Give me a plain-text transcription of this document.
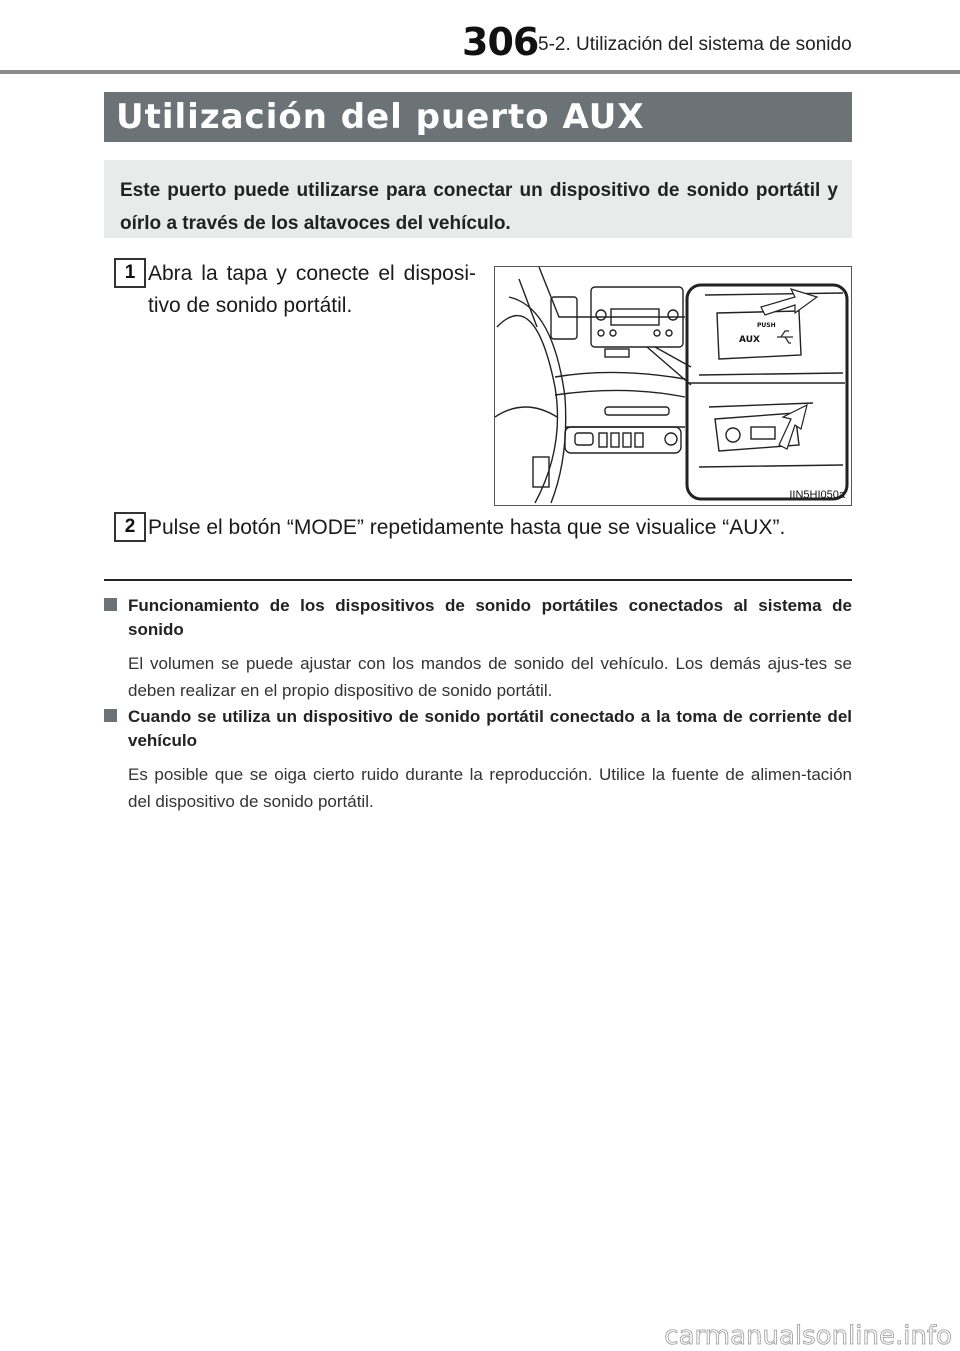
306 5-2. Utilización del sistema de sonido
Utilización del puerto AUX

Este puerto puede utilizarse para conectar un dispositivo de sonido portátil y oírlo a través de los altavoces del vehículo.

1 Abra la tapa y conecte el disposi-tivo de sonido portátil.
AUX
PUSH
IIN5HI050a
2 Pulse el botón “MODE” repetidamente hasta que se visualice “AUX”.

Funcionamiento de los dispositivos de sonido portátiles conectados al sistema de sonido

El volumen se puede ajustar con los mandos de sonido del vehículo. Los demás ajus-tes se deben realizar en el propio dispositivo de sonido portátil.

Cuando se utiliza un dispositivo de sonido portátil conectado a la toma de corriente del vehículo

Es posible que se oiga cierto ruido durante la reproducción. Utilice la fuente de alimen-tación del dispositivo de sonido portátil.

carmanualsonline.info
